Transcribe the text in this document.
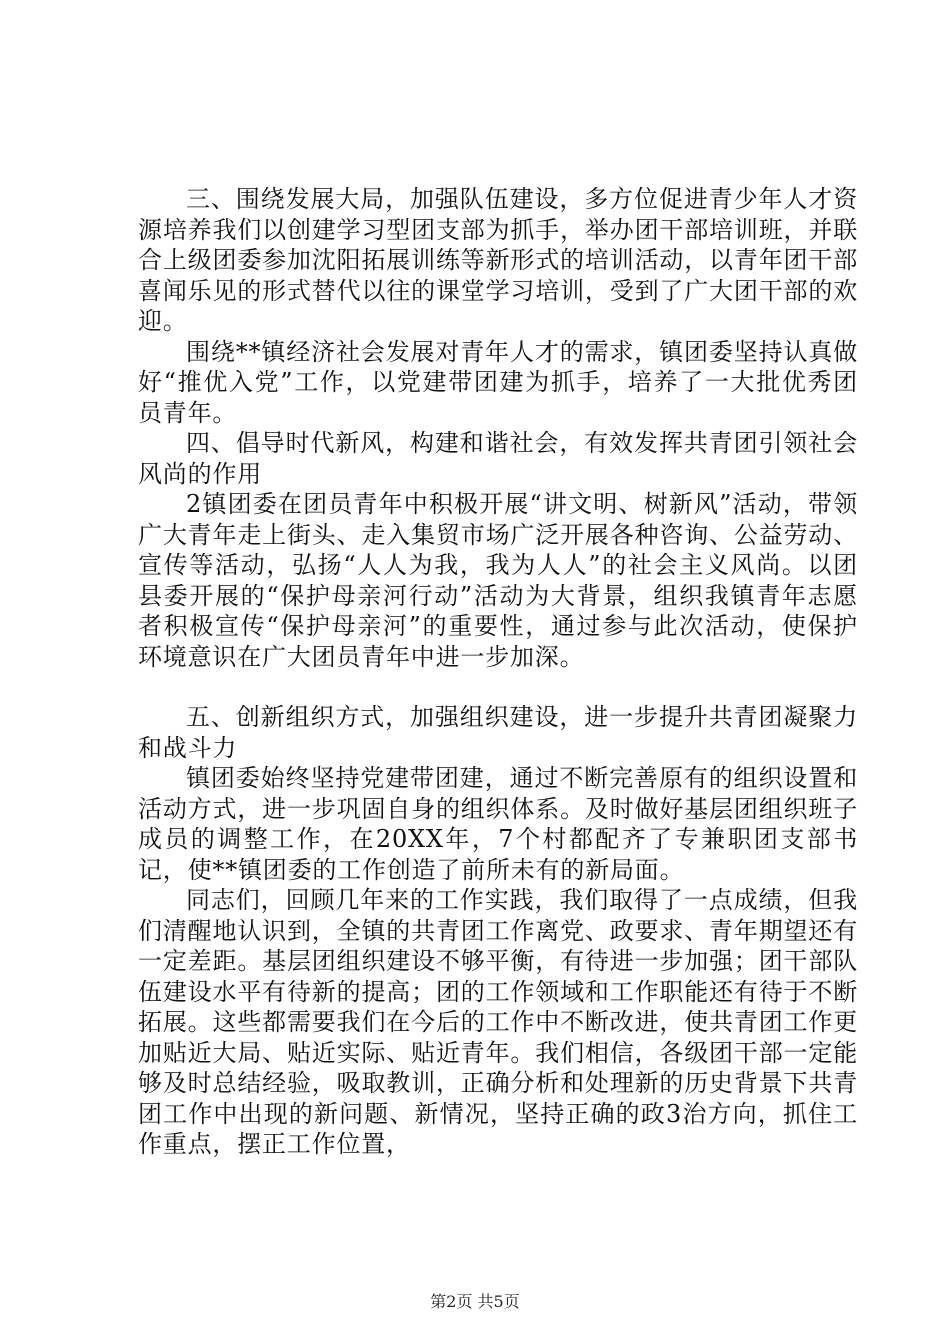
三、围绕发展大局，加强队伍建设，多方位促进青少年人才资源培养我们以创建学习型团支部为抓手，举办团干部培训班，并联合上级团委参加沈阳拓展训练等新形式的培训活动，以青年团干部喜闻乐见的形式替代以往的课堂学习培训，受到了广大团干部的欢迎。

围绕**镇经济社会发展对青年人才的需求，镇团委坚持认真做好“推优入党”工作，以党建带团建为抓手，培养了一大批优秀团员青年。

四、倡导时代新风，构建和谐社会，有效发挥共青团引领社会风尚的作用

2镇团委在团员青年中积极开展“讲文明、树新风”活动，带领广大青年走上街头、走入集贸市场广泛开展各种咨询、公益劳动、宣传等活动，弘扬“人人为我，我为人人”的社会主义风尚。以团县委开展的“保护母亲河行动”活动为大背景，组织我镇青年志愿者积极宣传“保护母亲河”的重要性，通过参与此次活动，使保护环境意识在广大团员青年中进一步加深。

五、创新组织方式，加强组织建设，进一步提升共青团凝聚力和战斗力

镇团委始终坚持党建带团建，通过不断完善原有的组织设置和活动方式，进一步巩固自身的组织体系。及时做好基层团组织班子成员的调整工作，在20XX年，7个村都配齐了专兼职团支部书记，使**镇团委的工作创造了前所未有的新局面。

同志们，回顾几年来的工作实践，我们取得了一点成绩，但我们清醒地认识到，全镇的共青团工作离党、政要求、青年期望还有一定差距。基层团组织建设不够平衡，有待进一步加强；团干部队伍建设水平有待新的提高；团的工作领域和工作职能还有待于不断拓展。这些都需要我们在今后的工作中不断改进，使共青团工作更加贴近大局、贴近实际、贴近青年。我们相信，各级团干部一定能够及时总结经验，吸取教训，正确分析和处理新的历史背景下共青团工作中出现的新问题、新情况，坚持正确的政3治方向，抓住工作重点，摆正工作位置，

第2页 共5页
